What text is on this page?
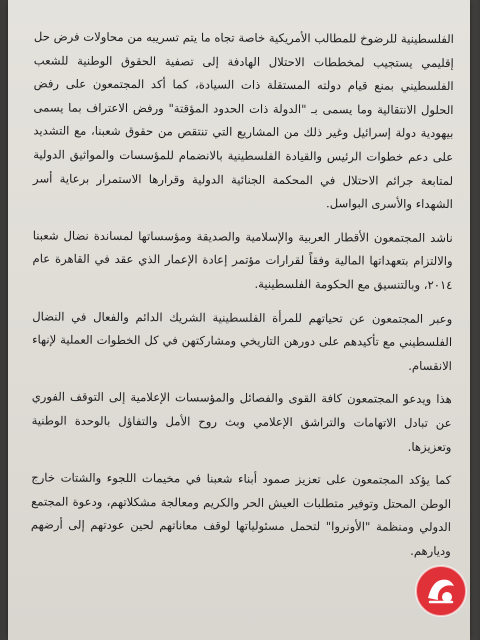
الفلسطينية للرضوخ للمطالب الأمريكية خاصة تجاه ما يتم تسريبه من محاولات فرض حل إقليمي يستجيب لمخططات الاحتلال الهادفة إلى تصفية الحقوق الوطنية للشعب الفلسطيني بمنع قيام دولته المستقلة ذات السيادة، كما أكد المجتمعون على رفض الحلول الانتقالية وما يسمى بـ "الدولة ذات الحدود المؤقتة" ورفض الاعتراف بما يسمى بيهودية دولة إسرائيل وغير ذلك من المشاريع التي تنتقص من حقوق شعبنا، مع التشديد على دعم خطوات الرئيس والقيادة الفلسطينية بالانضمام للمؤسسات والمواثيق الدولية لمتابعة جرائم الاحتلال في المحكمة الجنائية الدولية وقرارها الاستمرار برعاية أسر الشهداء والأسرى البواسل.

ناشد المجتمعون الأقطار العربية والإسلامية والصديقة ومؤسساتها لمساندة نضال شعبنا والالتزام بتعهداتها المالية وفقاً لقرارات مؤتمر إعادة الإعمار الذي عقد في القاهرة عام ٢٠١٤، وبالتنسيق مع الحكومة الفلسطينية.

وعبر المجتمعون عن تحياتهم للمرأة الفلسطينية الشريك الدائم والفعال في النضال الفلسطيني مع تأكيدهم على دورهن التاريخي ومشاركتهن في كل الخطوات العملية لإنهاء الانقسام.

هذا ويدعو المجتمعون كافة القوى والفصائل والمؤسسات الإعلامية إلى التوقف الفوري عن تبادل الاتهامات والتراشق الإعلامي وبث روح الأمل والتفاؤل بالوحدة الوطنية وتعزيزها.

كما يؤكد المجتمعون على تعزيز صمود أبناء شعبنا في مخيمات اللجوء والشتات خارج الوطن المحتل وتوفير متطلبات العيش الحر والكريم ومعالجة مشكلاتهم، ودعوة المجتمع الدولي ومنظمة "الأونروا" لتحمل مسئولياتها لوقف معاناتهم لحين عودتهم إلى أرضهم وديارهم.
